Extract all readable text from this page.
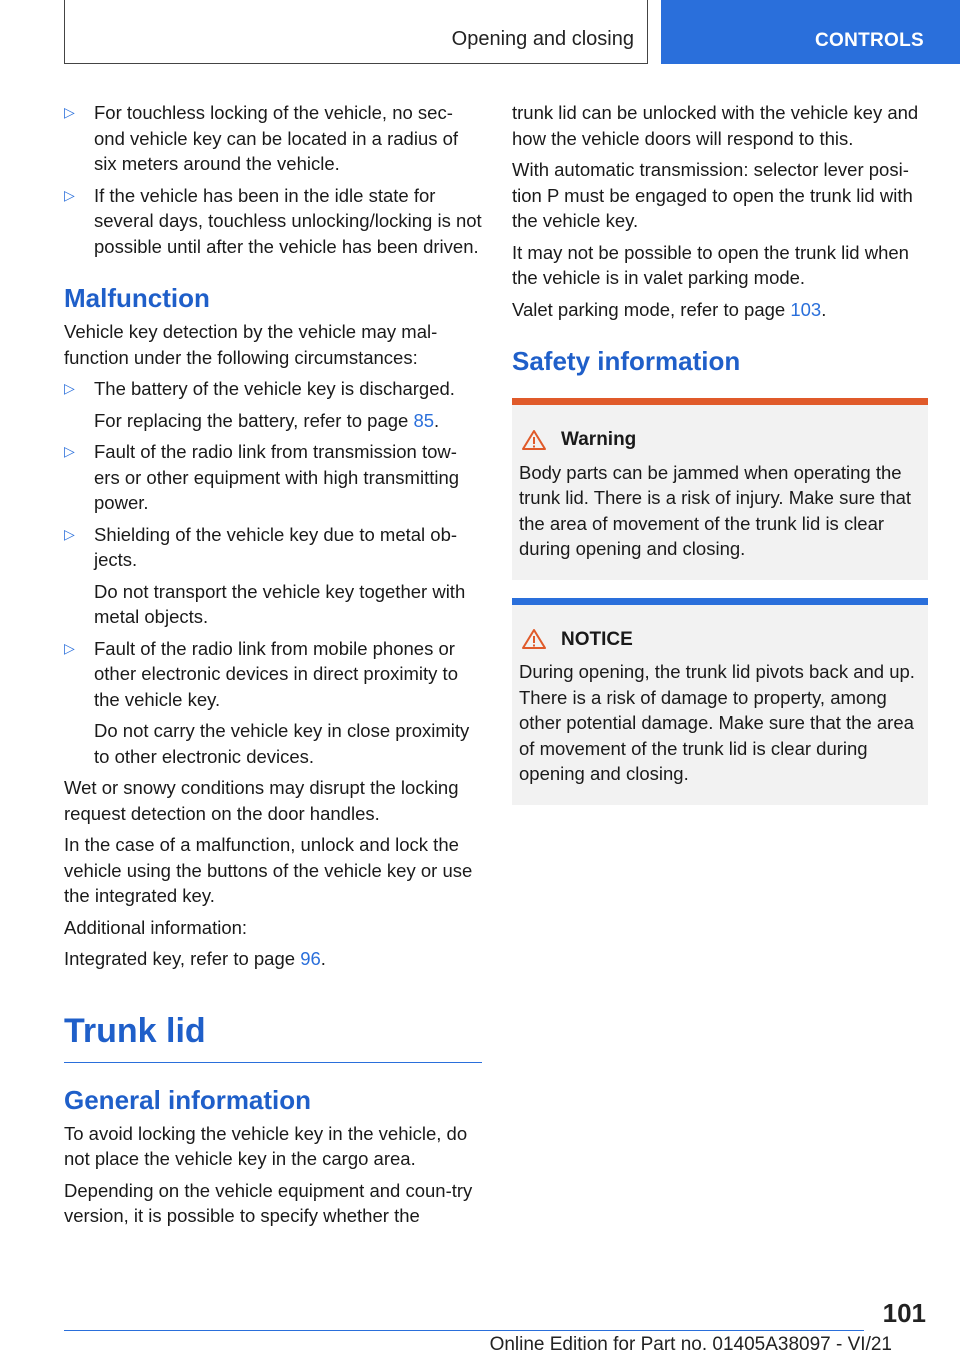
Opening and closing	CONTROLS
▷ For touchless locking of the vehicle, no sec-ond vehicle key can be located in a radius of six meters around the vehicle.

▷ If the vehicle has been in the idle state for several days, touchless unlocking/locking is not possible until after the vehicle has been driven.

Malfunction

Vehicle key detection by the vehicle may mal-function under the following circumstances:

▷ The battery of the vehicle key is discharged.

For replacing the battery, refer to page 85.

▷ Fault of the radio link from transmission tow-ers or other equipment with high transmitting power.

▷ Shielding of the vehicle key due to metal ob-jects.

Do not transport the vehicle key together with metal objects.

▷ Fault of the radio link from mobile phones or other electronic devices in direct proximity to the vehicle key.

Do not carry the vehicle key in close proximity to other electronic devices.

Wet or snowy conditions may disrupt the locking request detection on the door handles.

In the case of a malfunction, unlock and lock the vehicle using the buttons of the vehicle key or use the integrated key.

Additional information:

Integrated key, refer to page 96.

Trunk lid
General information

To avoid locking the vehicle key in the vehicle, do not place the vehicle key in the cargo area.

Depending on the vehicle equipment and coun-try version, it is possible to specify whether the

trunk lid can be unlocked with the vehicle key and how the vehicle doors will respond to this.

With automatic transmission: selector lever posi-tion P must be engaged to open the trunk lid with the vehicle key.

It may not be possible to open the trunk lid when the vehicle is in valet parking mode.

Valet parking mode, refer to page 103.

Safety information
Warning
Body parts can be jammed when operating the trunk lid. There is a risk of injury. Make sure that the area of movement of the trunk lid is clear during opening and closing.
NOTICE
During opening, the trunk lid pivots back and up. There is a risk of damage to property, among other potential damage. Make sure that the area of movement of the trunk lid is clear during opening and closing.
101
Online Edition for Part no. 01405A38097 - VI/21
